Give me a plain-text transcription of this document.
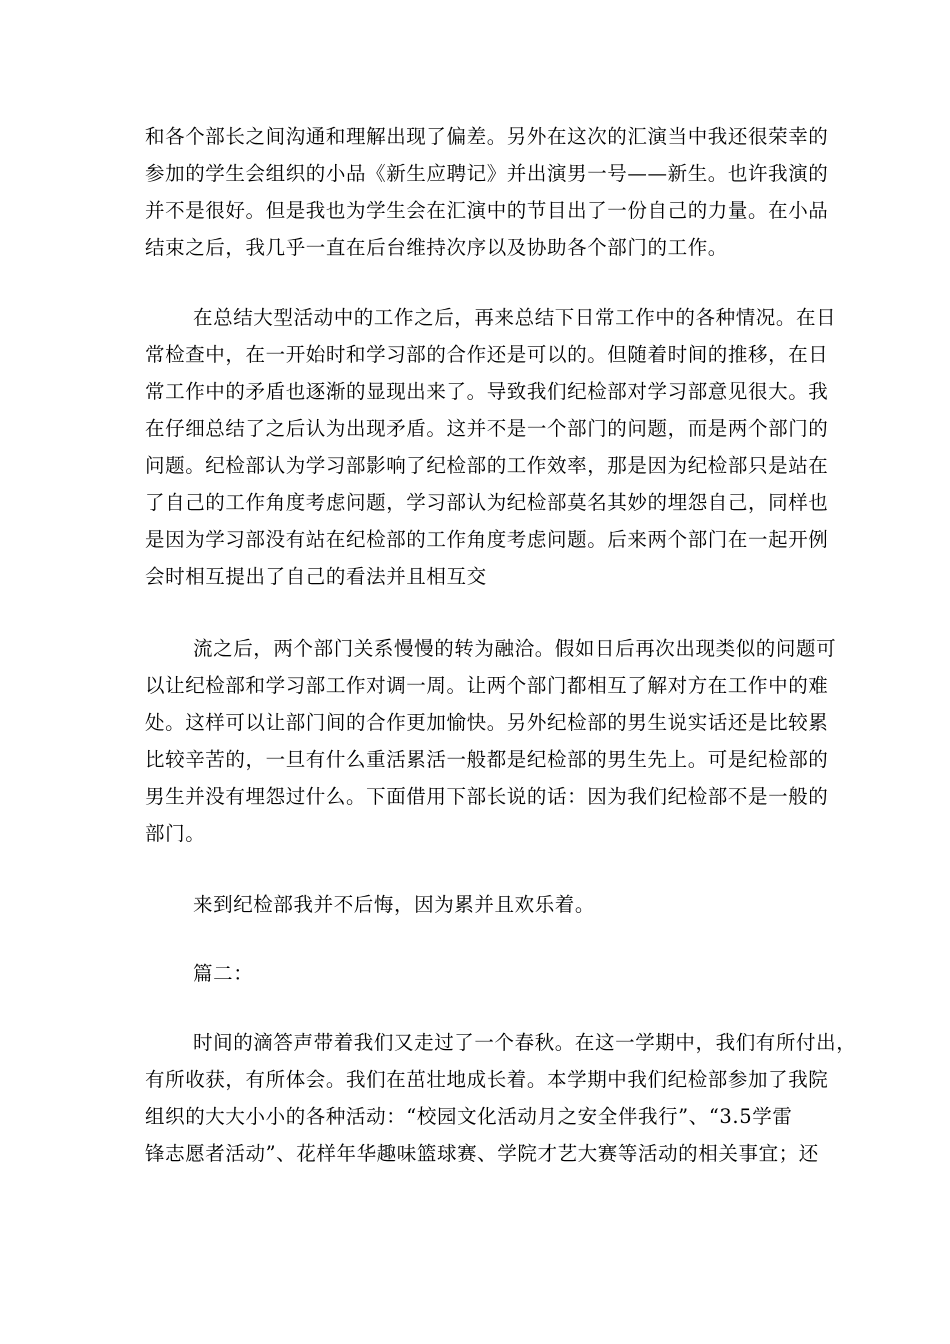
和各个部长之间沟通和理解出现了偏差。另外在这次的汇演当中我还很荣幸的
参加的学生会组织的小品《新生应聘记》并出演男一号——新生。也许我演的
并不是很好。但是我也为学生会在汇演中的节目出了一份自己的力量。在小品
结束之后，我几乎一直在后台维持次序以及协助各个部门的工作。
在总结大型活动中的工作之后，再来总结下日常工作中的各种情况。在日
常检查中，在一开始时和学习部的合作还是可以的。但随着时间的推移，在日
常工作中的矛盾也逐渐的显现出来了。导致我们纪检部对学习部意见很大。我
在仔细总结了之后认为出现矛盾。这并不是一个部门的问题，而是两个部门的
问题。纪检部认为学习部影响了纪检部的工作效率，那是因为纪检部只是站在
了自己的工作角度考虑问题，学习部认为纪检部莫名其妙的埋怨自己，同样也
是因为学习部没有站在纪检部的工作角度考虑问题。后来两个部门在一起开例
会时相互提出了自己的看法并且相互交
流之后，两个部门关系慢慢的转为融洽。假如日后再次出现类似的问题可
以让纪检部和学习部工作对调一周。让两个部门都相互了解对方在工作中的难
处。这样可以让部门间的合作更加愉快。另外纪检部的男生说实话还是比较累
比较辛苦的，一旦有什么重活累活一般都是纪检部的男生先上。可是纪检部的
男生并没有埋怨过什么。下面借用下部长说的话：因为我们纪检部不是一般的
部门。
来到纪检部我并不后悔，因为累并且欢乐着。
篇二：
时间的滴答声带着我们又走过了一个春秋。在这一学期中，我们有所付出，
有所收获，有所体会。我们在茁壮地成长着。本学期中我们纪检部参加了我院
组织的大大小小的各种活动：“校园文化活动月之安全伴我行”、“3.5学雷
锋志愿者活动”、花样年华趣味篮球赛、学院才艺大赛等活动的相关事宜；还
